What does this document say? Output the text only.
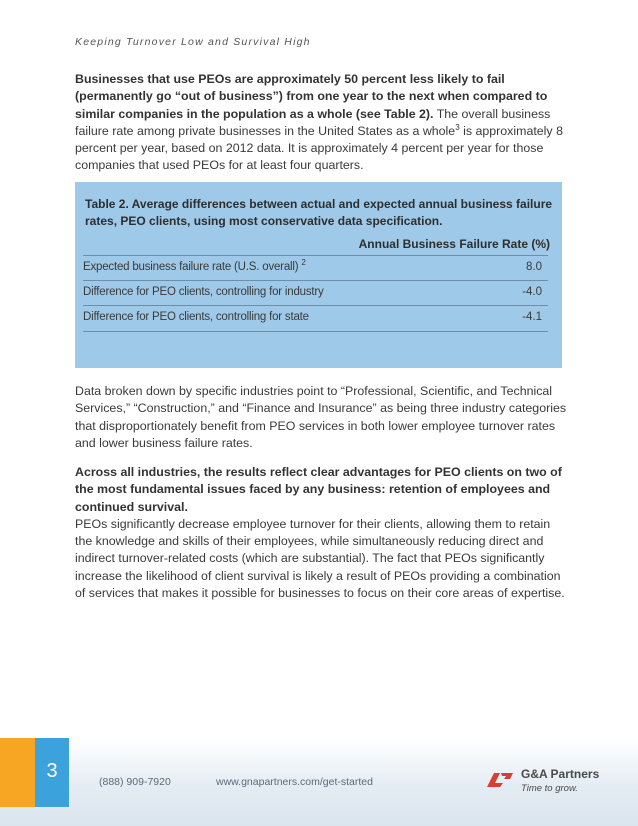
Keeping Turnover Low and Survival High
Businesses that use PEOs are approximately 50 percent less likely to fail (permanently go “out of business”) from one year to the next when compared to similar companies in the population as a whole (see Table 2). The overall business failure rate among private businesses in the United States as a whole$^3$ is approximately 8 percent per year, based on 2012 data. It is approximately 4 percent per year for those companies that used PEOs for at least four quarters.
Table 2. Average differences between actual and expected annual business failure rates, PEO clients, using most conservative data specification.
Annual Business Failure Rate (%)
Expected business failure rate (U.S. overall) $^2$	8.0
Difference for PEO clients, controlling for industry	-4.0
Difference for PEO clients, controlling for state	-4.1
Data broken down by specific industries point to “Professional, Scientific, and Technical Services,” “Construction,” and “Finance and Insurance” as being three industry categories that disproportionately benefit from PEO services in both lower employee turnover rates and lower business failure rates.
Across all industries, the results reflect clear advantages for PEO clients on two of the most fundamental issues faced by any business: retention of employees and continued survival.
PEOs significantly decrease employee turnover for their clients, allowing them to retain the knowledge and skills of their employees, while simultaneously reducing direct and indirect turnover-related costs (which are substantial). The fact that PEOs significantly increase the likelihood of client survival is likely a result of PEOs providing a combination of services that makes it possible for businesses to focus on their core areas of expertise.
3	(888) 909-7920	www.gnapartners.com/get-started
G&A Partners
Time to grow.
